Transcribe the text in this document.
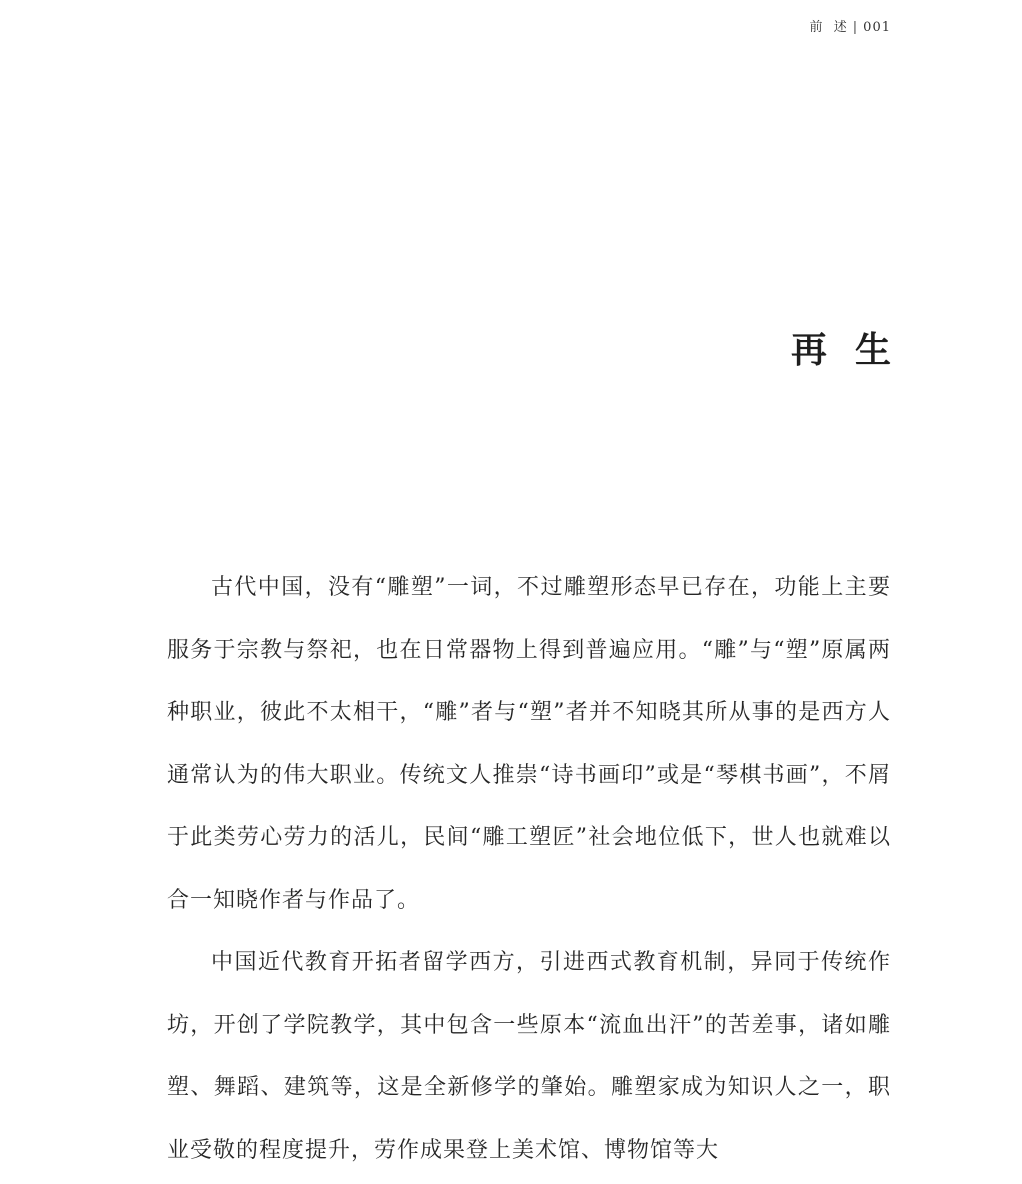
前  述 | 001
再生

古代中国，没有“雕塑”一词，不过雕塑形态早已存在，功能上主要服务于宗教与祭祀，也在日常器物上得到普遍应用。“雕”与“塑”原属两种职业，彼此不太相干，“雕”者与“塑”者并不知晓其所从事的是西方人通常认为的伟大职业。传统文人推崇“诗书画印”或是“琴棋书画”，不屑于此类劳心劳力的活儿，民间“雕工塑匠”社会地位低下，世人也就难以合一知晓作者与作品了。

中国近代教育开拓者留学西方，引进西式教育机制，异同于传统作坊，开创了学院教学，其中包含一些原本“流血出汗”的苦差事，诸如雕塑、舞蹈、建筑等，这是全新修学的肇始。雕塑家成为知识人之一，职业受敬的程度提升，劳作成果登上美术馆、博物馆等大
